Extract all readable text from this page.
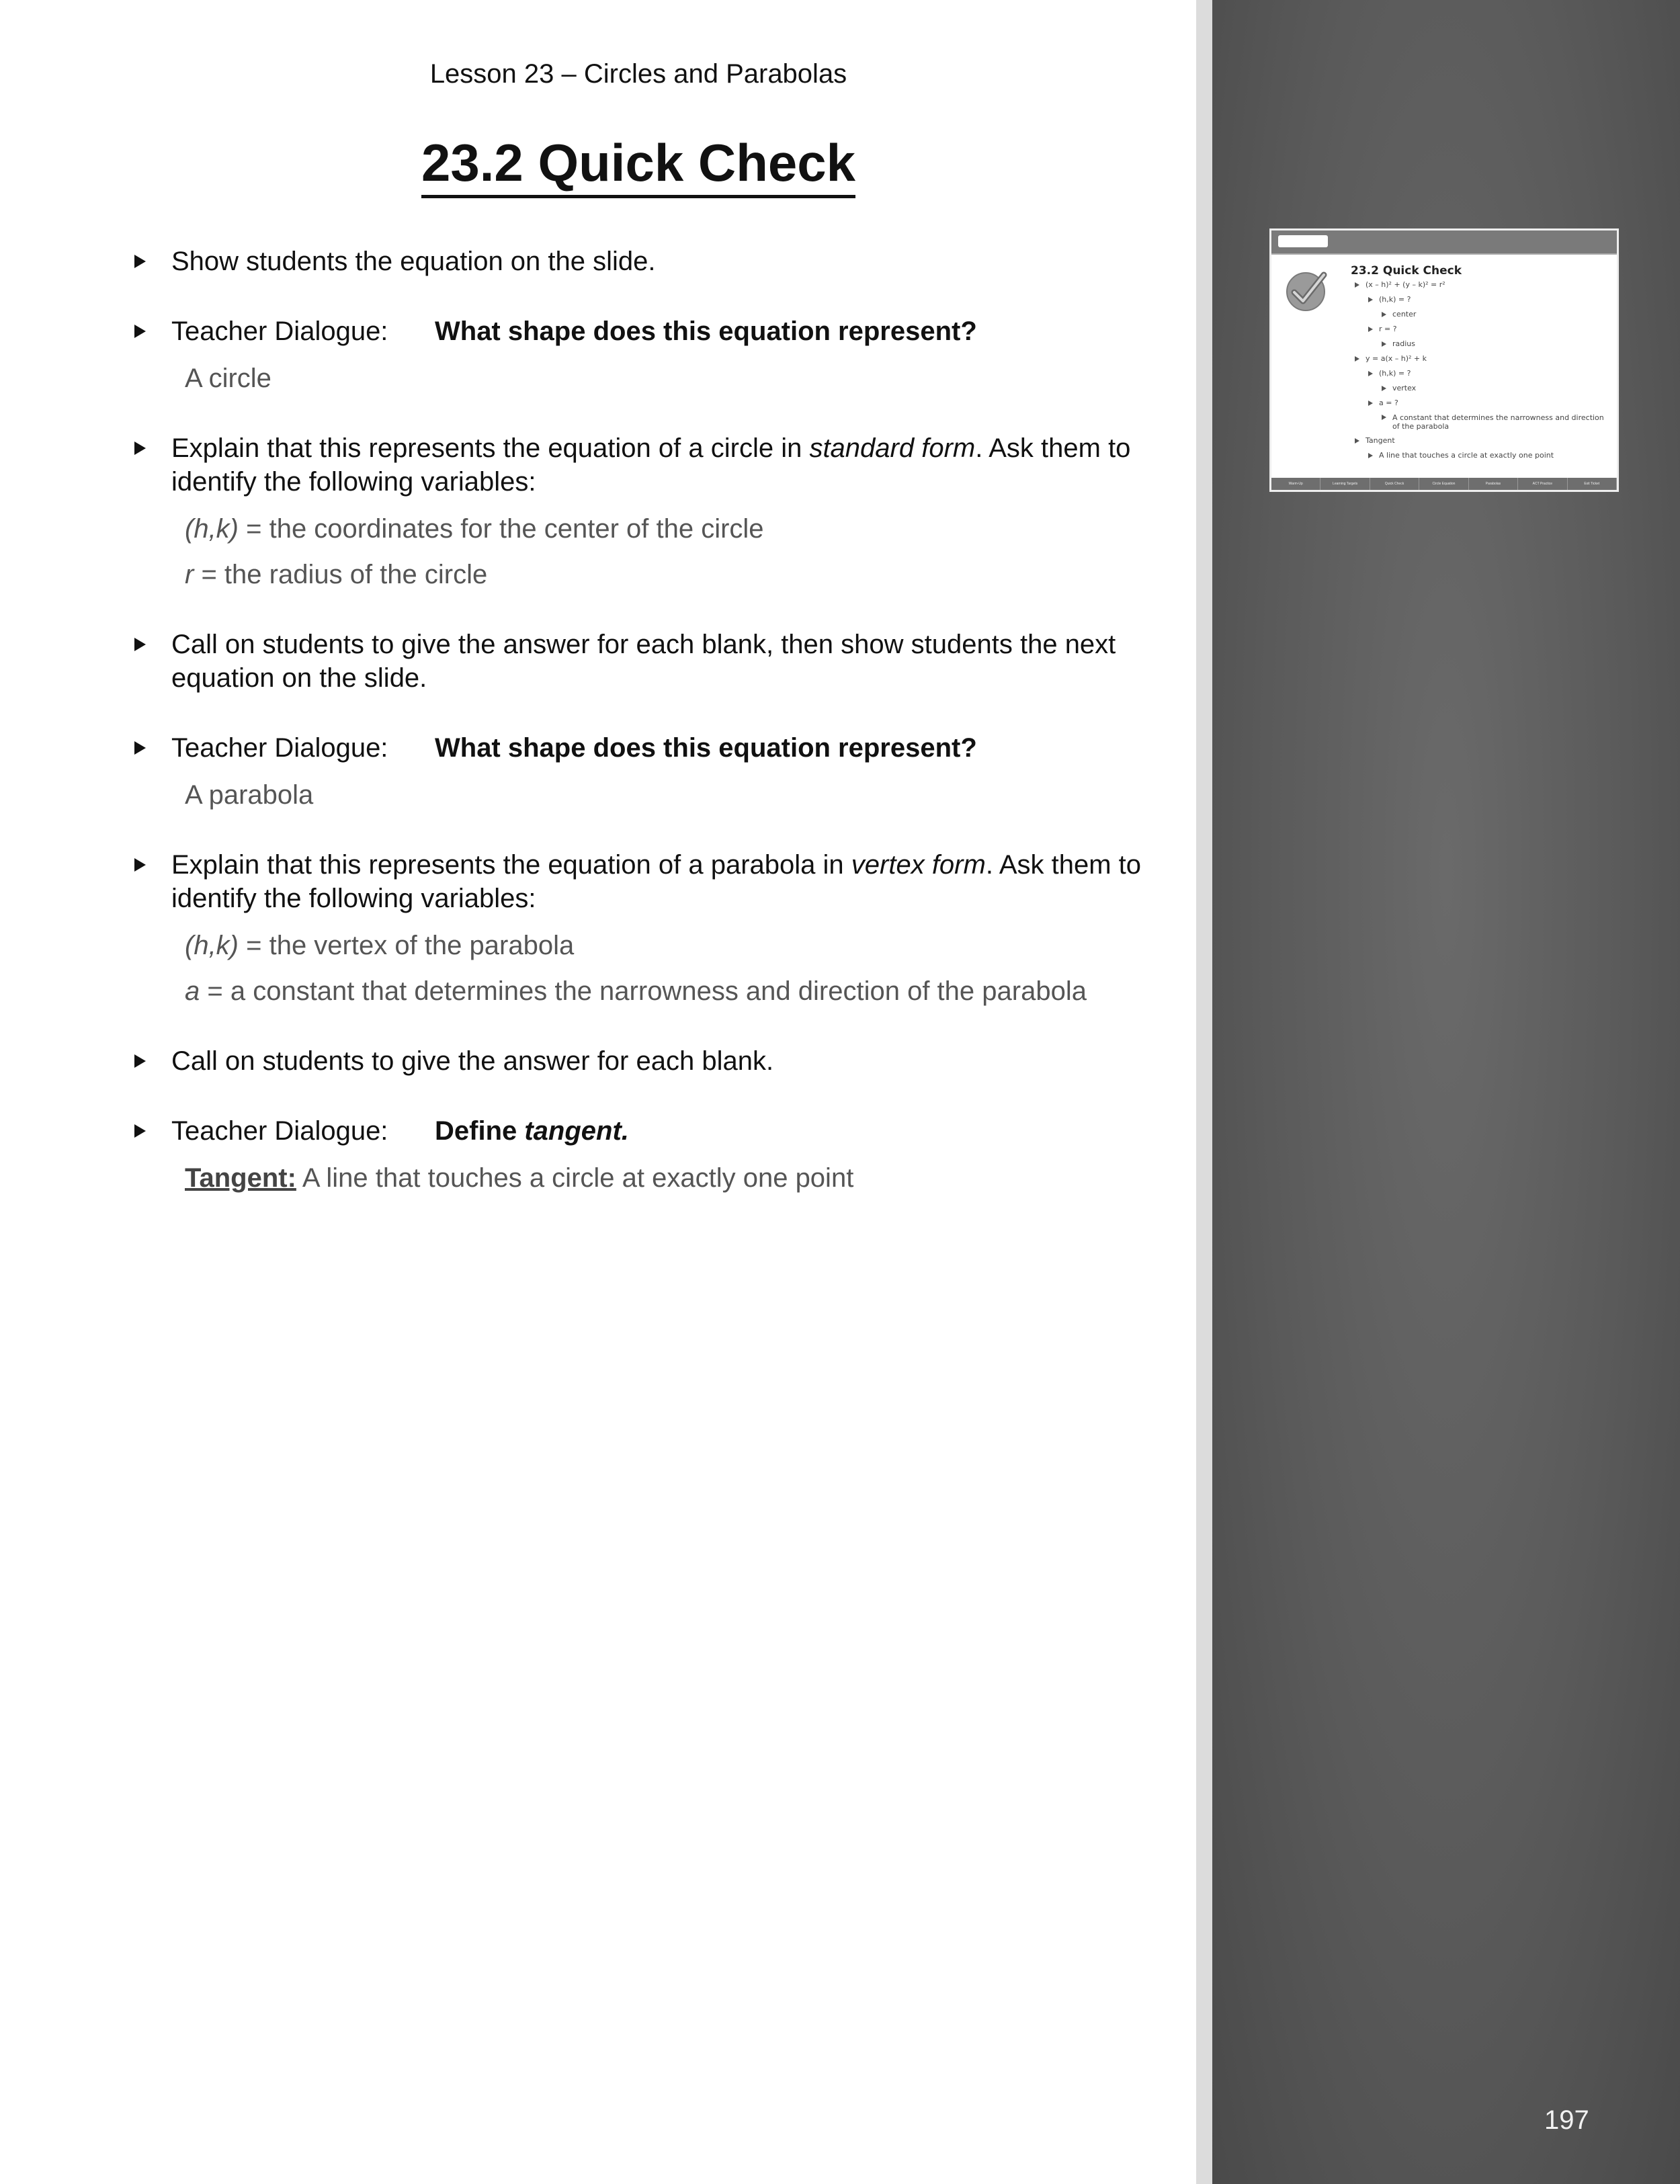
Lesson 23 – Circles and Parabolas
23.2 Quick Check
Show students the equation on the slide.
Teacher Dialogue: What shape does this equation represent?
A circle
Explain that this represents the equation of a circle in standard form. Ask them to identify the following variables:
(h,k) = the coordinates for the center of the circle
r = the radius of the circle
Call on students to give the answer for each blank, then show students the next equation on the slide.
Teacher Dialogue: What shape does this equation represent?
A parabola
Explain that this represents the equation of a parabola in vertex form. Ask them to identify the following variables:
(h,k) = the vertex of the parabola
a = a constant that determines the narrowness and direction of the parabola
Call on students to give the answer for each blank.
Teacher Dialogue: Define tangent.
Tangent: A line that touches a circle at exactly one point
23.2 Quick Check
(x – h)² + (y – k)² = r²
(h,k) = ?
center
r = ?
radius
y = a(x – h)² + k
(h,k) = ?
vertex
a = ?
A constant that determines the narrowness and direction of the parabola
Tangent
A line that touches a circle at exactly one point
Warm-Up	Learning Targets	Quick Check	Circle Equation	Parabolas	ACT Practice	Exit Ticket
197
